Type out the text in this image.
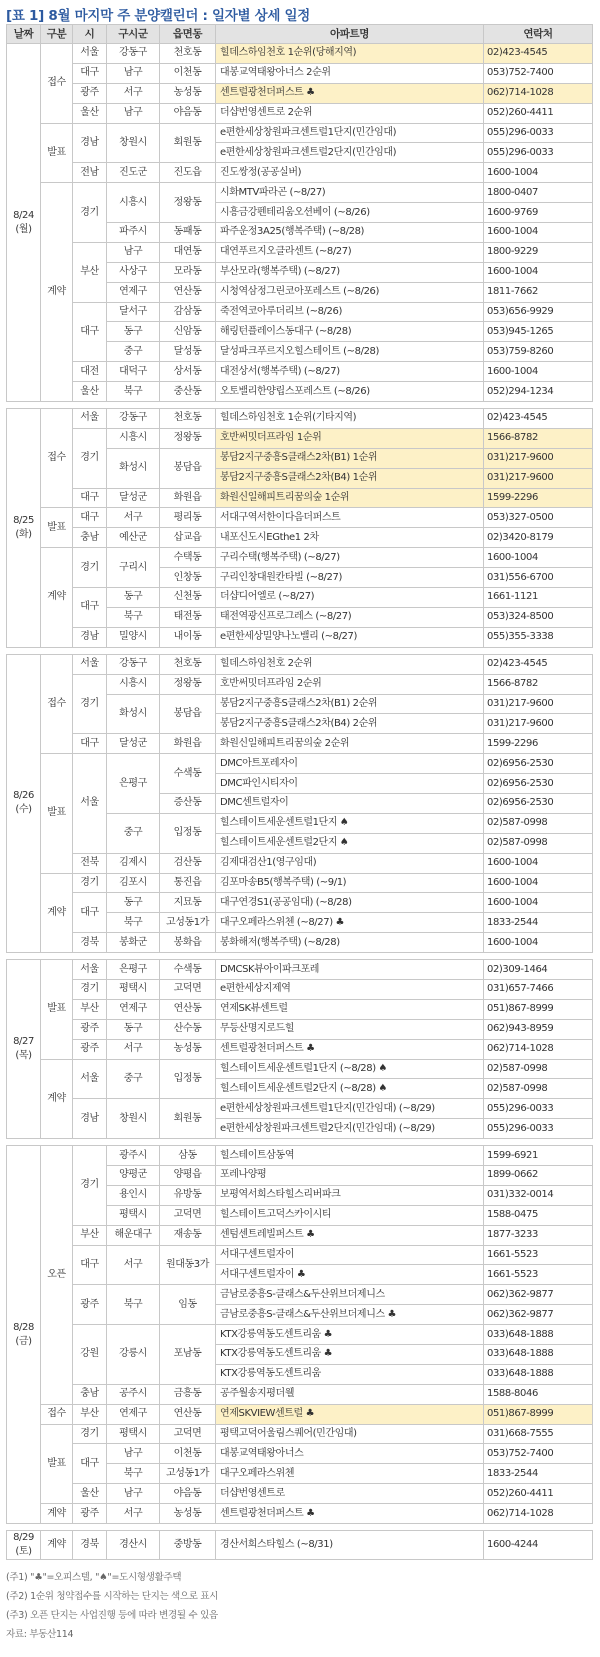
[표 1] 8월 마지막 주 분양캘린더 : 일자별 상세 일정
날짜	구분	시	구시군	읍면동	아파트명	연락처
8/24
(월)	접수	서울	강동구	천호동	힐데스하임천호 1순위(당해지역)	02)423-4545
		대구	남구	이천동	대봉교역태왕아너스 2순위	053)752-7400
		광주	서구	농성동	센트럴광천더퍼스트 ♣	062)714-1028
		울산	남구	야음동	더샵번영센트로 2순위	052)260-4411
	발표	경남	창원시	회원동	e편한세상창원파크센트럴1단지(민간임대)	055)296-0033
					e편한세상창원파크센트럴2단지(민간임대)	055)296-0033
		전남	진도군	진도읍	진도쌍정(공공실버)	1600-1004
	계약	경기	시흥시	정왕동	시화MTV파라곤 (~8/27)	1800-0407
					시흥금강펜테리움오션베이 (~8/26)	1600-9769
			파주시	동패동	파주운정3A25(행복주택) (~8/28)	1600-1004
		부산	남구	대연동	대연푸르지오클라센트 (~8/27)	1800-9229
			사상구	모라동	부산모라(행복주택) (~8/27)	1600-1004
			연제구	연산동	시청역삼정그린코아포레스트 (~8/26)	1811-7662
		대구	달서구	감삼동	죽전역코아루더리브 (~8/26)	053)656-9929
			동구	신암동	해링턴플레이스동대구 (~8/28)	053)945-1265
			중구	달성동	달성파크푸르지오힐스테이트 (~8/28)	053)759-8260
		대전	대덕구	상서동	대전상서(행복주택) (~8/27)	1600-1004
		울산	북구	중산동	오토밸리한양립스포레스트 (~8/26)	052)294-1234

8/25
(화)	접수	서울	강동구	천호동	힐데스하임천호 1순위(기타지역)	02)423-4545
		경기	시흥시	정왕동	호반써밋더프라임 1순위	1566-8782
			화성시	봉담읍	봉담2지구중흥S클래스2차(B1) 1순위	031)217-9600
					봉담2지구중흥S클래스2차(B4) 1순위	031)217-9600
		대구	달성군	화원읍	화원신일해피트리꿈의숲 1순위	1599-2296
	발표	대구	서구	평리동	서대구역서한이다음더퍼스트	053)327-0500
		충남	예산군	삽교읍	내포신도시EGthe1 2차	02)3420-8179
	계약	경기	구리시	수택동	구리수택(행복주택) (~8/27)	1600-1004
				인창동	구리인창대원칸타빌 (~8/27)	031)556-6700
		대구	동구	신천동	더샵디어엘로 (~8/27)	1661-1121
			북구	태전동	태전역광신프로그레스 (~8/27)	053)324-8500
		경남	밀양시	내이동	e편한세상밀양나노밸리 (~8/27)	055)355-3338

8/26
(수)	접수	서울	강동구	천호동	힐데스하임천호 2순위	02)423-4545
		경기	시흥시	정왕동	호반써밋더프라임 2순위	1566-8782
			화성시	봉담읍	봉담2지구중흥S클래스2차(B1) 2순위	031)217-9600
					봉담2지구중흥S클래스2차(B4) 2순위	031)217-9600
		대구	달성군	화원읍	화원신일해피트리꿈의숲 2순위	1599-2296
	발표	서울	은평구	수색동	DMC아트포레자이	02)6956-2530
					DMC파인시티자이	02)6956-2530
				증산동	DMC센트럴자이	02)6956-2530
			중구	입정동	힐스테이트세운센트럴1단지 ♠	02)587-0998
					힐스테이트세운센트럴2단지 ♠	02)587-0998
		전북	김제시	검산동	김제대검산1(영구임대)	1600-1004
	계약	경기	김포시	통진읍	김포마송B5(행복주택) (~9/1)	1600-1004
		대구	동구	지묘동	대구연경S1(공공임대) (~8/28)	1600-1004
			북구	고성동1가	대구오페라스위첸 (~8/27) ♣	1833-2544
		경북	봉화군	봉화읍	봉화해저(행복주택) (~8/28)	1600-1004

8/27
(목)	발표	서울	은평구	수색동	DMCSK뷰아이파크포레	02)309-1464
		경기	평택시	고덕면	e편한세상지제역	031)657-7466
		부산	연제구	연산동	연제SK뷰센트럴	051)867-8999
		광주	동구	산수동	무등산명지로드힐	062)943-8959
		광주	서구	농성동	센트럴광천더퍼스트 ♣	062)714-1028
	계약	서울	중구	입정동	힐스테이트세운센트럴1단지 (~8/28) ♠	02)587-0998
					힐스테이트세운센트럴2단지 (~8/28) ♠	02)587-0998
		경남	창원시	회원동	e편한세상창원파크센트럴1단지(민간임대) (~8/29)	055)296-0033
					e편한세상창원파크센트럴2단지(민간임대) (~8/29)	055)296-0033

8/28
(금)	오픈	경기	광주시	삼동	힐스테이트삼동역	1599-6921
			양평군	양평읍	포레나양평	1899-0662
			용인시	유방동	보평역서희스타힐스리버파크	031)332-0014
			평택시	고덕면	힐스테이트고덕스카이시티	1588-0475
		부산	해운대구	재송동	센텀센트레빌퍼스트 ♣	1877-3233
		대구	서구	원대동3가	서대구센트럴자이	1661-5523
					서대구센트럴자이 ♣	1661-5523
		광주	북구	임동	금남로중흥S-클래스&두산위브더제니스	062)362-9877
					금남로중흥S-클래스&두산위브더제니스 ♣	062)362-9877
		강원	강릉시	포남동	KTX강릉역동도센트리움 ♣	033)648-1888
					KTX강릉역동도센트리움 ♣	033)648-1888
					KTX강릉역동도센트리움	033)648-1888
		충남	공주시	금흥동	공주월송지평더웰	1588-8046
	접수	부산	연제구	연산동	연제SKVIEW센트럴 ♣	051)867-8999
	발표	경기	평택시	고덕면	평택고덕어울림스퀘어(민간임대)	031)668-7555
		대구	남구	이천동	대봉교역태왕아너스	053)752-7400
			북구	고성동1가	대구오페라스위첸	1833-2544
		울산	남구	야음동	더샵번영센트로	052)260-4411
	계약	광주	서구	농성동	센트럴광천더퍼스트 ♣	062)714-1028

8/29
(토)	계약	경북	경산시	중방동	경산서희스타힐스 (~8/31)	1600-4244
(주1) "♣"=오피스텔, "♠"=도시형생활주택
(주2) 1순위 청약접수를 시작하는 단지는 색으로 표시
(주3) 오픈 단지는 사업진행 등에 따라 변경될 수 있음
자료: 부동산114
